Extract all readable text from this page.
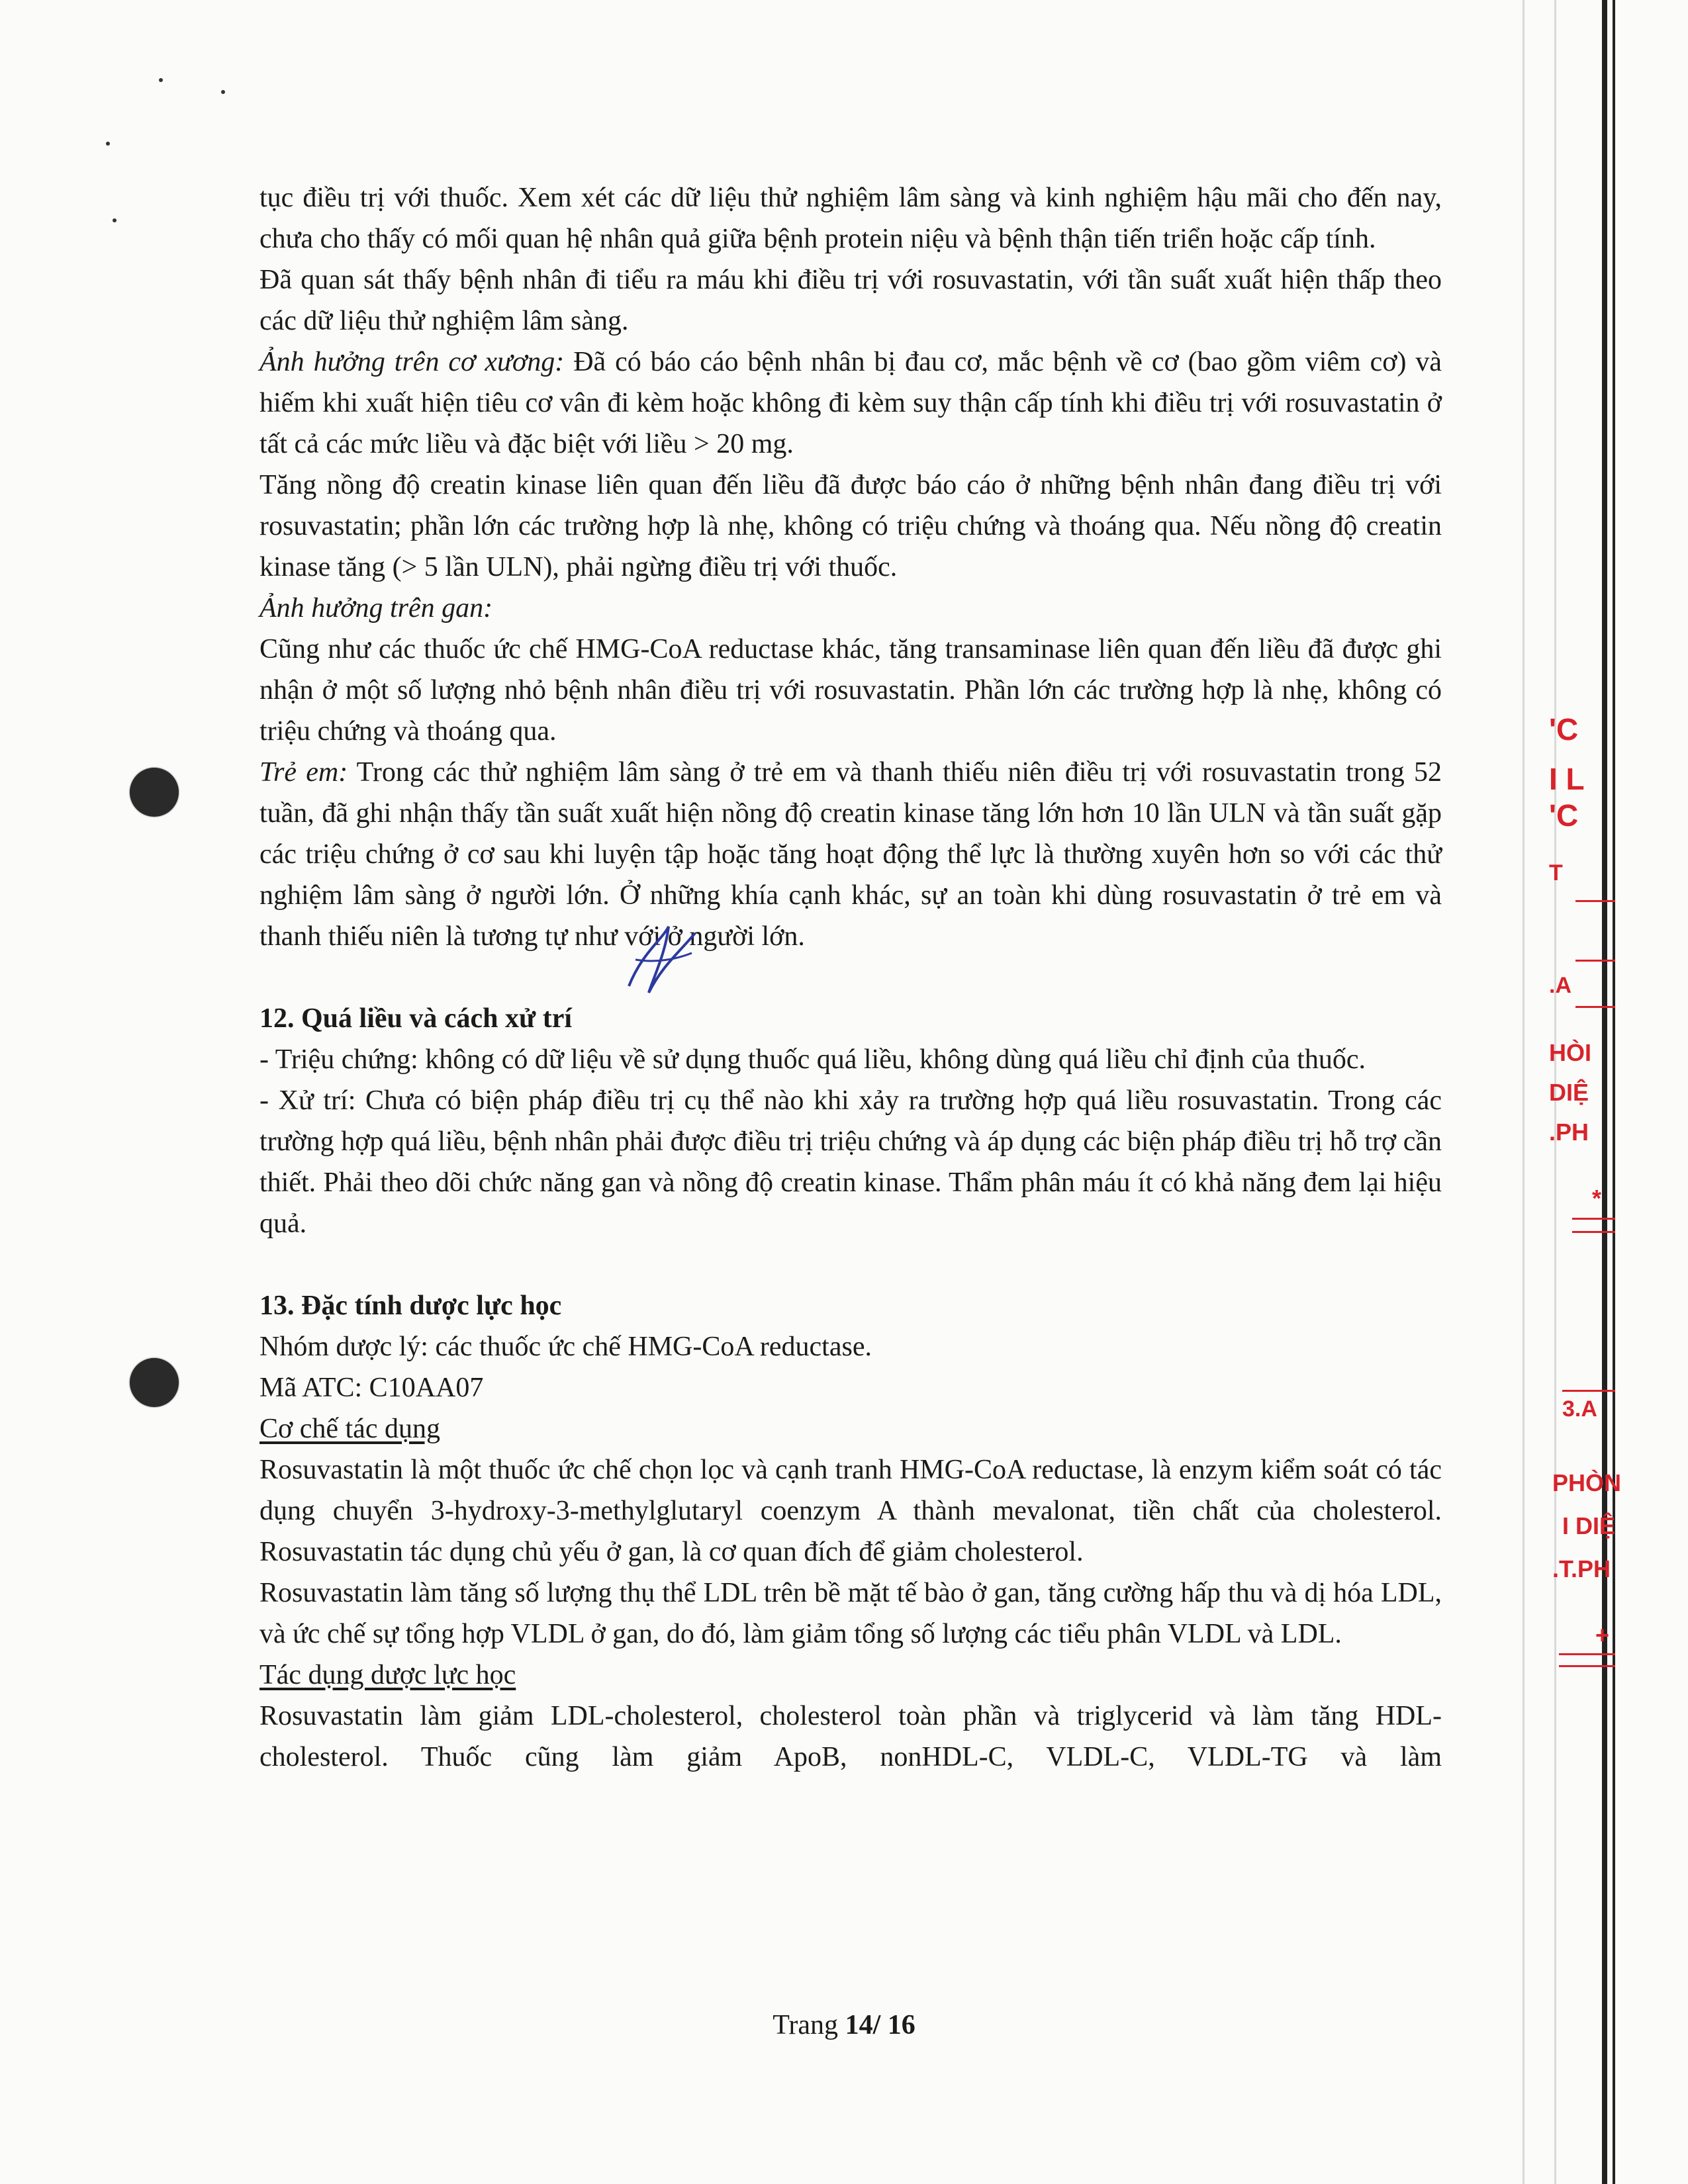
tục điều trị với thuốc. Xem xét các dữ liệu thử nghiệm lâm sàng và kinh nghiệm hậu mãi cho đến nay, chưa cho thấy có mối quan hệ nhân quả giữa bệnh protein niệu và bệnh thận tiến triển hoặc cấp tính.

Đã quan sát thấy bệnh nhân đi tiểu ra máu khi điều trị với rosuvastatin, với tần suất xuất hiện thấp theo các dữ liệu thử nghiệm lâm sàng.

Ảnh hưởng trên cơ xương: Đã có báo cáo bệnh nhân bị đau cơ, mắc bệnh về cơ (bao gồm viêm cơ) và hiếm khi xuất hiện tiêu cơ vân đi kèm hoặc không đi kèm suy thận cấp tính khi điều trị với rosuvastatin ở tất cả các mức liều và đặc biệt với liều > 20 mg.

Tăng nồng độ creatin kinase liên quan đến liều đã được báo cáo ở những bệnh nhân đang điều trị với rosuvastatin; phần lớn các trường hợp là nhẹ, không có triệu chứng và thoáng qua. Nếu nồng độ creatin kinase tăng (> 5 lần ULN), phải ngừng điều trị với thuốc.

Ảnh hưởng trên gan:

Cũng như các thuốc ức chế HMG-CoA reductase khác, tăng transaminase liên quan đến liều đã được ghi nhận ở một số lượng nhỏ bệnh nhân điều trị với rosuvastatin. Phần lớn các trường hợp là nhẹ, không có triệu chứng và thoáng qua.

Trẻ em: Trong các thử nghiệm lâm sàng ở trẻ em và thanh thiếu niên điều trị với rosuvastatin trong 52 tuần, đã ghi nhận thấy tần suất xuất hiện nồng độ creatin kinase tăng lớn hơn 10 lần ULN và tần suất gặp các triệu chứng ở cơ sau khi luyện tập hoặc tăng hoạt động thể lực là thường xuyên hơn so với các thử nghiệm lâm sàng ở người lớn. Ở những khía cạnh khác, sự an toàn khi dùng rosuvastatin ở trẻ em và thanh thiếu niên là tương tự như với ở người lớn.

12. Quá liều và cách xử trí

- Triệu chứng: không có dữ liệu về sử dụng thuốc quá liều, không dùng quá liều chỉ định của thuốc.

- Xử trí: Chưa có biện pháp điều trị cụ thể nào khi xảy ra trường hợp quá liều rosuvastatin. Trong các trường hợp quá liều, bệnh nhân phải được điều trị triệu chứng và áp dụng các biện pháp điều trị hỗ trợ cần thiết. Phải theo dõi chức năng gan và nồng độ creatin kinase. Thẩm phân máu ít có khả năng đem lại hiệu quả.

13. Đặc tính dược lực học

Nhóm dược lý: các thuốc ức chế HMG-CoA reductase.

Mã ATC: C10AA07

Cơ chế tác dụng

Rosuvastatin là một thuốc ức chế chọn lọc và cạnh tranh HMG-CoA reductase, là enzym kiểm soát có tác dụng chuyển 3-hydroxy-3-methylglutaryl coenzym A thành mevalonat, tiền chất của cholesterol. Rosuvastatin tác dụng chủ yếu ở gan, là cơ quan đích để giảm cholesterol.

Rosuvastatin làm tăng số lượng thụ thể LDL trên bề mặt tế bào ở gan, tăng cường hấp thu và dị hóa LDL, và ức chế sự tổng hợp VLDL ở gan, do đó, làm giảm tổng số lượng các tiểu phân VLDL và LDL.

Tác dụng dược lực học

Rosuvastatin làm giảm LDL-cholesterol, cholesterol toàn phần và triglycerid và làm tăng HDL-cholesterol. Thuốc cũng làm giảm ApoB, nonHDL-C, VLDL-C, VLDL-TG và làm

Trang 14/ 16
'C
I L
'C
T
.A
HÒI
DIỆ
.PH
*
3.A
PHÒN
I DIỆ
.T.PH
+
